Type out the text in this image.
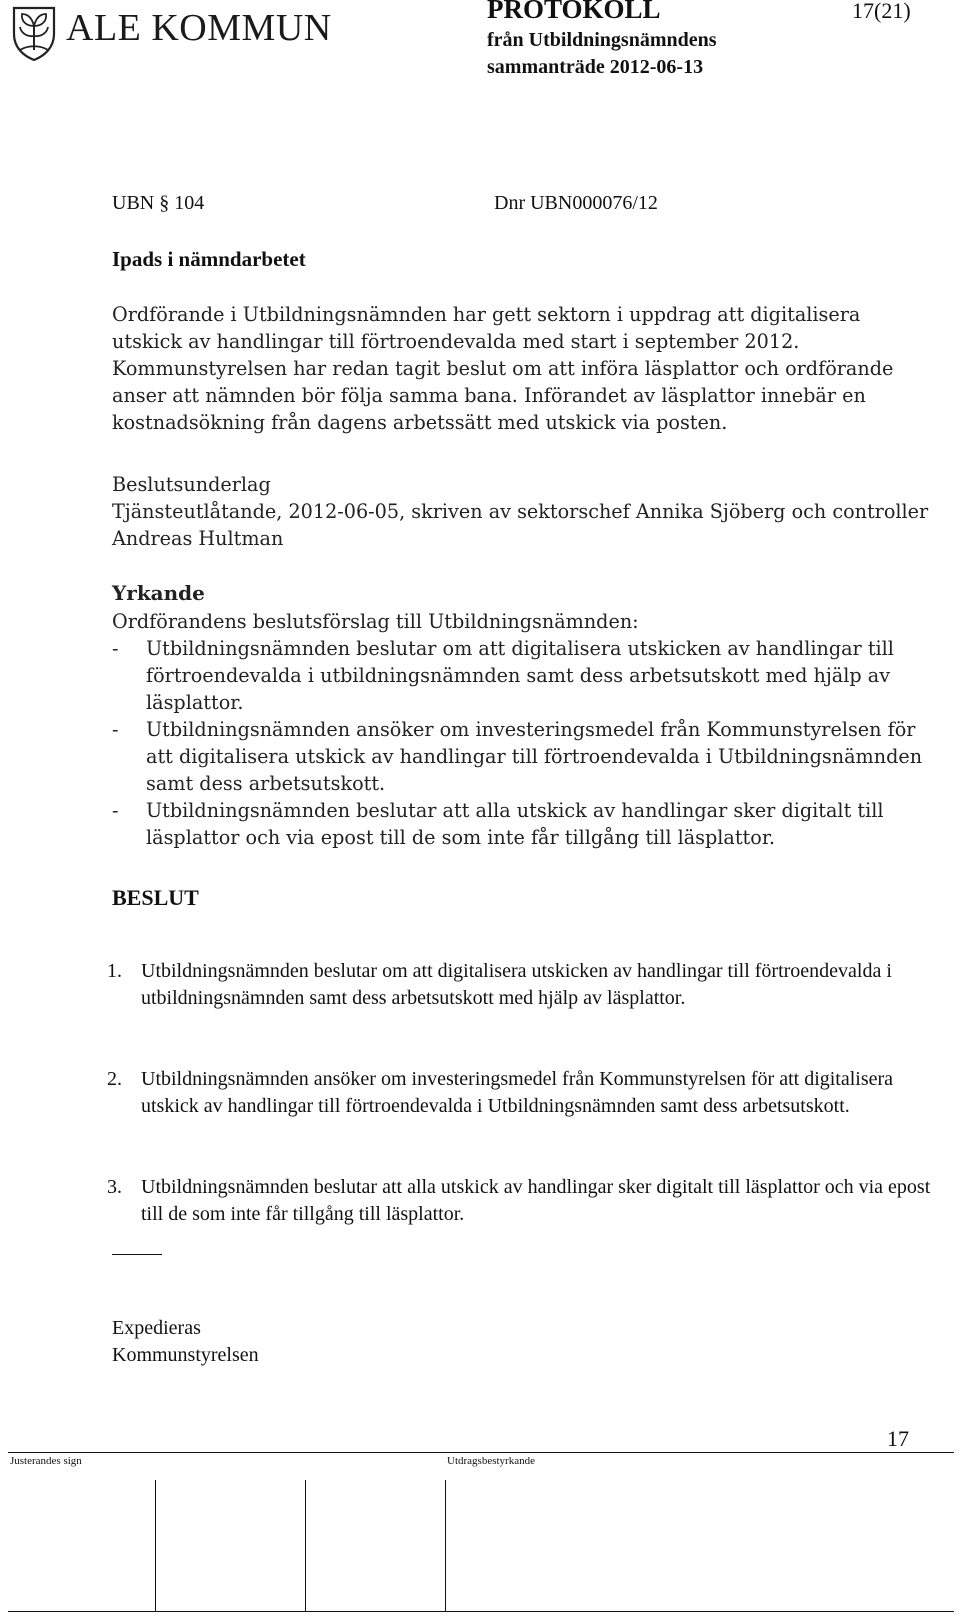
ALE KOMMUN	PROTOKOLL	17(21)
från Utbildningsnämndens
sammanträde 2012-06-13
UBN § 104	Dnr UBN000076/12
Ipads i nämndarbetet

Ordförande i Utbildningsnämnden har gett sektorn i uppdrag att digitalisera utskick av handlingar till förtroendevalda med start i september 2012. Kommunstyrelsen har redan tagit beslut om att införa läsplattor och ordförande anser att nämnden bör följa samma bana. Införandet av läsplattor innebär en kostnadsökning från dagens arbetssätt med utskick via posten.

Beslutsunderlag

Tjänsteutlåtande, 2012-06-05, skriven av sektorschef Annika Sjöberg och controller Andreas Hultman

Yrkande
Ordförandens beslutsförslag till Utbildningsnämnden:
-	Utbildningsnämnden beslutar om att digitalisera utskicken av handlingar till förtroendevalda i utbildningsnämnden samt dess arbetsutskott med hjälp av läsplattor.
-	Utbildningsnämnden ansöker om investeringsmedel från Kommunstyrelsen för att digitalisera utskick av handlingar till förtroendevalda i Utbildningsnämnden samt dess arbetsutskott.
-	Utbildningsnämnden beslutar att alla utskick av handlingar sker digitalt till läsplattor och via epost till de som inte får tillgång till läsplattor.
BESLUT
1. Utbildningsnämnden beslutar om att digitalisera utskicken av handlingar till förtroendevalda i utbildningsnämnden samt dess arbetsutskott med hjälp av läsplattor.
2. Utbildningsnämnden ansöker om investeringsmedel från Kommunstyrelsen för att digitalisera utskick av handlingar till förtroendevalda i Utbildningsnämnden samt dess arbetsutskott.
3. Utbildningsnämnden beslutar att alla utskick av handlingar sker digitalt till läsplattor och via epost till de som inte får tillgång till läsplattor.
Expedieras
Kommunstyrelsen
17
Justerandes sign	Utdragsbestyrkande
